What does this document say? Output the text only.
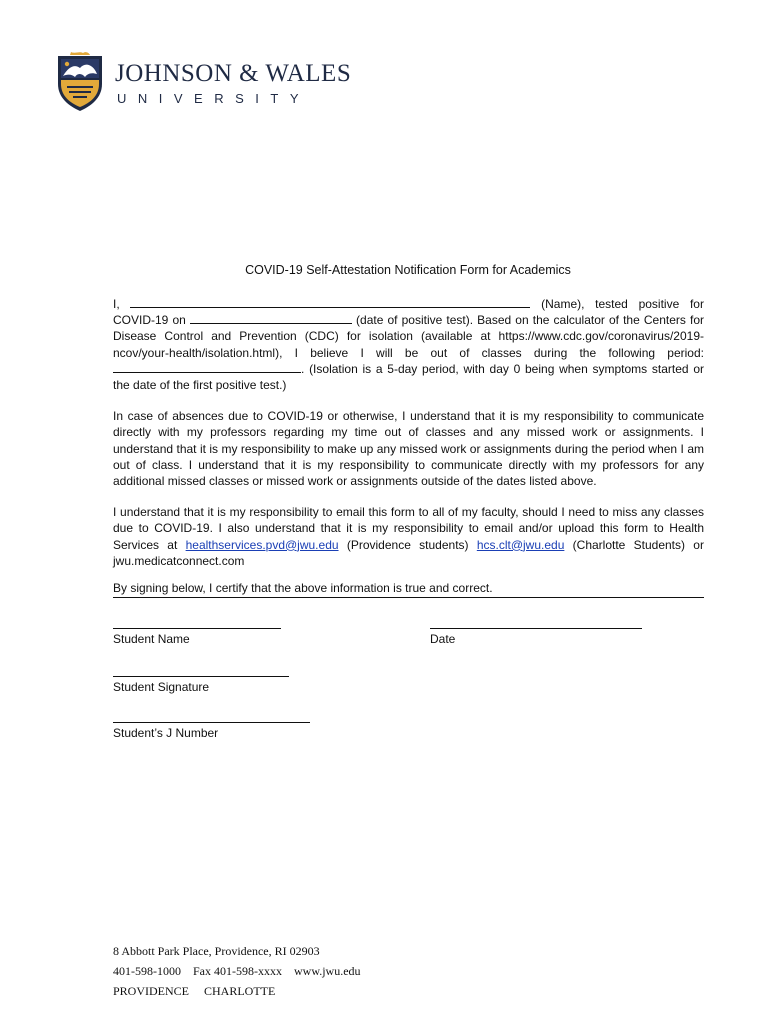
JOHNSON & WALES
UNIVERSITY
COVID-19 Self-Attestation Notification Form for Academics

I,	(Name), tested positive for COVID-19 on	(date of positive test). Based on the calculator of the Centers for Disease Control and Prevention (CDC) for isolation (available at https://www.cdc.gov/coronavirus/2019-ncov/your-health/isolation.html), I believe I will be out of classes during the following period: . (Isolation is a 5-day period, with day 0 being when symptoms started or the date of the first positive test.)

In case of absences due to COVID-19 or otherwise, I understand that it is my responsibility to communicate directly with my professors regarding my time out of classes and any missed work or assignments. I understand that it is my responsibility to make up any missed work or assignments during the period when I am out of class. I understand that it is my responsibility to communicate directly with my professors for any additional missed classes or missed work or assignments outside of the dates listed above.

I understand that it is my responsibility to email this form to all of my faculty, should I need to miss any classes due to COVID-19. I also understand that it is my responsibility to email and/or upload this form to Health Services at healthservices.pvd@jwu.edu (Providence students) hcs.clt@jwu.edu (Charlotte Students) or jwu.medicatconnect.com

By signing below, I certify that the above information is true and correct.
Student Name	Date
Student Signature
Student’s J Number
8 Abbott Park Place, Providence, RI 02903
401-598-1000    Fax 401-598-xxxx    www.jwu.edu
PROVIDENCE     CHARLOTTE
